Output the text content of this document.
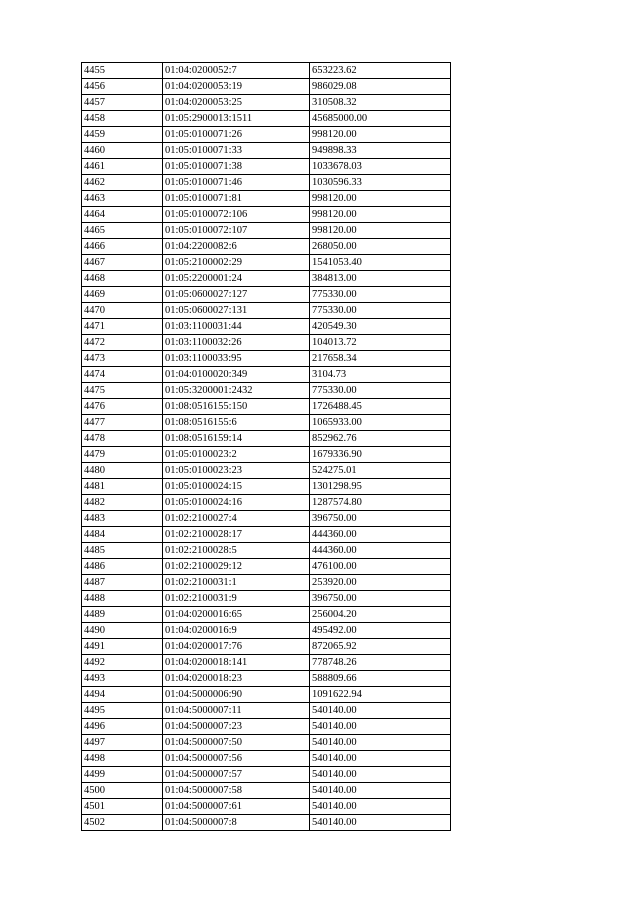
4455	01:04:0200052:7	653223.62
4456	01:04:0200053:19	986029.08
4457	01:04:0200053:25	310508.32
4458	01:05:2900013:1511	45685000.00
4459	01:05:0100071:26	998120.00
4460	01:05:0100071:33	949898.33
4461	01:05:0100071:38	1033678.03
4462	01:05:0100071:46	1030596.33
4463	01:05:0100071:81	998120.00
4464	01:05:0100072:106	998120.00
4465	01:05:0100072:107	998120.00
4466	01:04:2200082:6	268050.00
4467	01:05:2100002:29	1541053.40
4468	01:05:2200001:24	384813.00
4469	01:05:0600027:127	775330.00
4470	01:05:0600027:131	775330.00
4471	01:03:1100031:44	420549.30
4472	01:03:1100032:26	104013.72
4473	01:03:1100033:95	217658.34
4474	01:04:0100020:349	3104.73
4475	01:05:3200001:2432	775330.00
4476	01:08:0516155:150	1726488.45
4477	01:08:0516155:6	1065933.00
4478	01:08:0516159:14	852962.76
4479	01:05:0100023:2	1679336.90
4480	01:05:0100023:23	524275.01
4481	01:05:0100024:15	1301298.95
4482	01:05:0100024:16	1287574.80
4483	01:02:2100027:4	396750.00
4484	01:02:2100028:17	444360.00
4485	01:02:2100028:5	444360.00
4486	01:02:2100029:12	476100.00
4487	01:02:2100031:1	253920.00
4488	01:02:2100031:9	396750.00
4489	01:04:0200016:65	256004.20
4490	01:04:0200016:9	495492.00
4491	01:04:0200017:76	872065.92
4492	01:04:0200018:141	778748.26
4493	01:04:0200018:23	588809.66
4494	01:04:5000006:90	1091622.94
4495	01:04:5000007:11	540140.00
4496	01:04:5000007:23	540140.00
4497	01:04:5000007:50	540140.00
4498	01:04:5000007:56	540140.00
4499	01:04:5000007:57	540140.00
4500	01:04:5000007:58	540140.00
4501	01:04:5000007:61	540140.00
4502	01:04:5000007:8	540140.00
